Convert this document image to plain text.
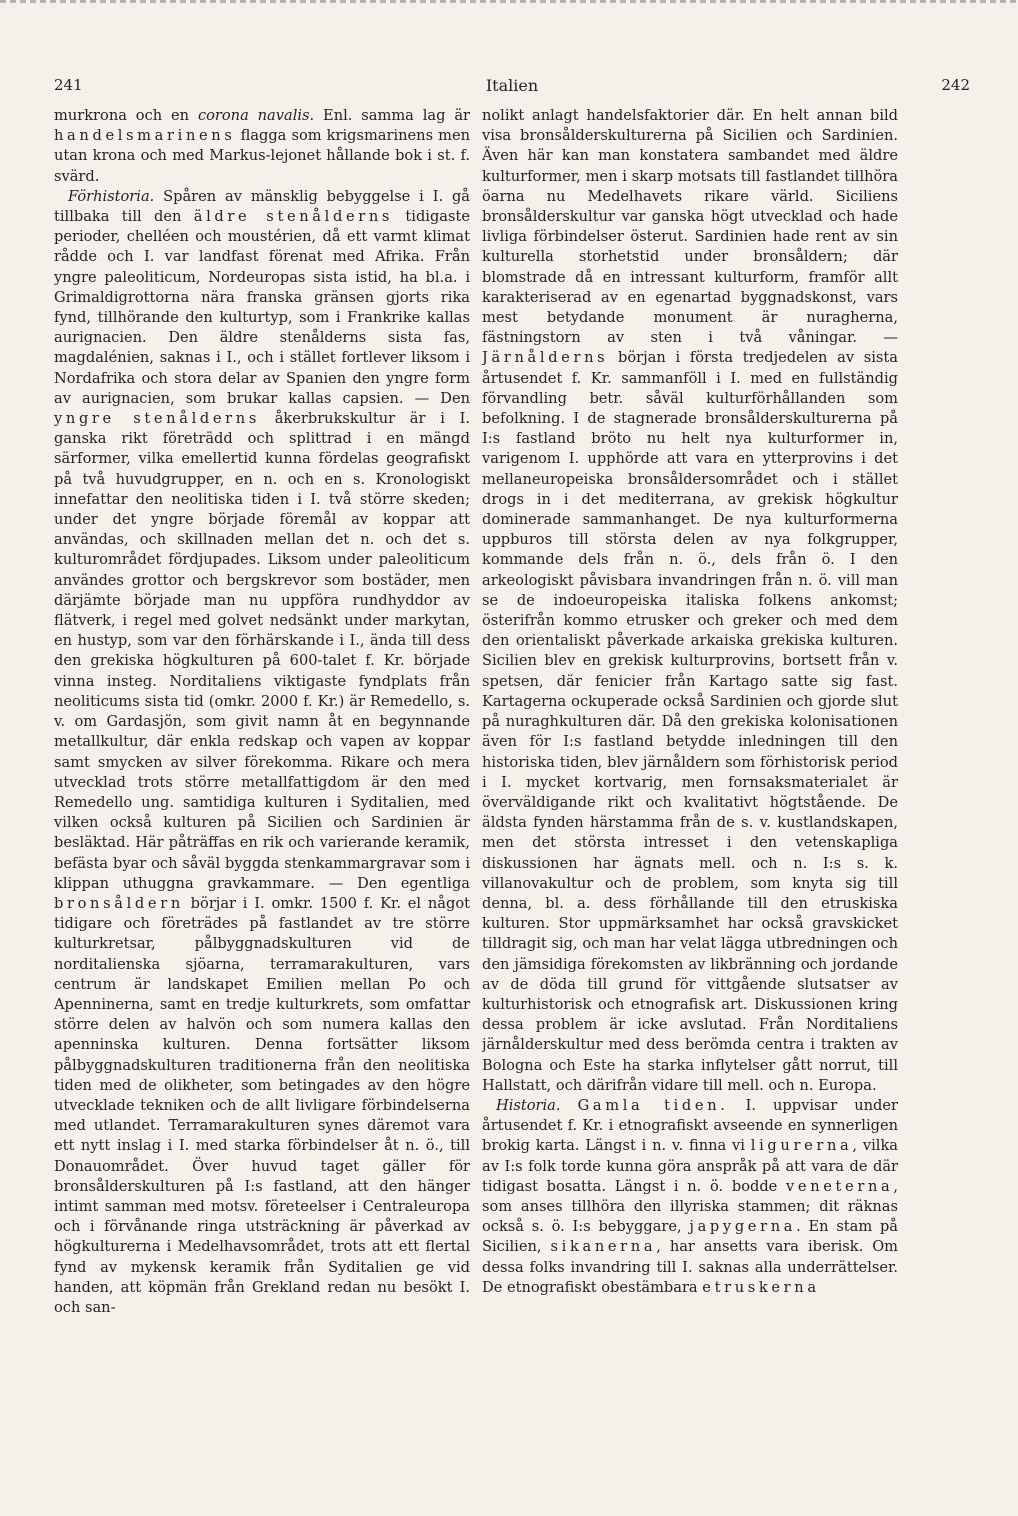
241	Italien	242

murkrona och en corona navalis. Enl. samma lag är handelsmarinens flagga som krigsmarinens men utan krona och med Markus-lejonet hållande bok i st. f. svärd.

Förhistoria. Spåren av mänsklig bebyggelse i I. gå tillbaka till den äldre stenålderns tidigaste perioder, chelléen och moustérien, då ett varmt klimat rådde och I. var landfast förenat med Afrika. Från yngre paleoliticum, Nordeuropas sista istid, ha bl.a. i Grimaldigrottorna nära franska gränsen gjorts rika fynd, tillhörande den kulturtyp, som i Frankrike kallas aurignacien. Den äldre stenålderns sista fas, magdalénien, saknas i I., och i stället fortlever liksom i Nordafrika och stora delar av Spanien den yngre form av aurignacien, som brukar kallas capsien. — Den yngre stenålderns åkerbrukskultur är i I. ganska rikt företrädd och splittrad i en mängd särformer, vilka emellertid kunna fördelas geografiskt på två huvudgrupper, en n. och en s. Kronologiskt innefattar den neolitiska tiden i I. två större skeden; under det yngre började föremål av koppar att användas, och skillnaden mellan det n. och det s. kulturområdet fördjupades. Liksom under paleoliticum användes grottor och bergskrevor som bostäder, men därjämte började man nu uppföra rundhyddor av flätverk, i regel med golvet nedsänkt under markytan, en hustyp, som var den förhärskande i I., ända till dess den grekiska högkulturen på 600-talet f. Kr. började vinna insteg. Norditaliens viktigaste fyndplats från neoliticums sista tid (omkr. 2000 f. Kr.) är Remedello, s. v. om Gardasjön, som givit namn åt en begynnande metallkultur, där enkla redskap och vapen av koppar samt smycken av silver förekomma. Rikare och mera utvecklad trots större metallfattigdom är den med Remedello ung. samtidiga kulturen i Syditalien, med vilken också kulturen på Sicilien och Sardinien är besläktad. Här påträffas en rik och varierande keramik, befästa byar och såväl byggda stenkammargravar som i klippan uthuggna gravkammare. — Den egentliga bronsåldern börjar i I. omkr. 1500 f. Kr. el något tidigare och företrädes på fastlandet av tre större kulturkretsar, pålbyggnadskulturen vid de norditalienska sjöarna, terramarakulturen, vars centrum är landskapet Emilien mellan Po och Apenninerna, samt en tredje kulturkrets, som omfattar större delen av halvön och som numera kallas den apenninska kulturen. Denna fortsätter liksom pålbyggnadskulturen traditionerna från den neolitiska tiden med de olikheter, som betingades av den högre utvecklade tekniken och de allt livligare förbindelserna med utlandet. Terramarakulturen synes däremot vara ett nytt inslag i I. med starka förbindelser åt n. ö., till Donauområdet. Över huvud taget gäller för bronsålderskulturen på I:s fastland, att den hänger intimt samman med motsv. företeelser i Centraleuropa och i förvånande ringa utsträckning är påverkad av högkulturerna i Medelhavsområdet, trots att ett flertal fynd av mykensk keramik från Syditalien ge vid handen, att köpmän från Grekland redan nu besökt I. och san-

nolikt anlagt handelsfaktorier där. En helt annan bild visa bronsålderskulturerna på Sicilien och Sardinien. Även här kan man konstatera sambandet med äldre kulturformer, men i skarp motsats till fastlandet tillhöra öarna nu Medelhavets rikare värld. Siciliens bronsålderskultur var ganska högt utvecklad och hade livliga förbindelser österut. Sardinien hade rent av sin kulturella storhetstid under bronsåldern; där blomstrade då en intressant kulturform, framför allt karakteriserad av en egenartad byggnadskonst, vars mest betydande monument är nuragherna, fästningstorn av sten i två våningar. — Järnålderns början i första tredjedelen av sista årtusendet f. Kr. sammanföll i I. med en fullständig förvandling betr. såväl kulturförhållanden som befolkning. I de stagnerade bronsålderskulturerna på I:s fastland bröto nu helt nya kulturformer in, varigenom I. upphörde att vara en ytterprovins i det mellaneuropeiska bronsåldersområdet och i stället drogs in i det mediterrana, av grekisk högkultur dominerade sammanhanget. De nya kulturformerna uppburos till största delen av nya folkgrupper, kommande dels från n. ö., dels från ö. I den arkeologiskt påvisbara invandringen från n. ö. vill man se de indoeuropeiska italiska folkens ankomst; österifrån kommo etrusker och greker och med dem den orientaliskt påverkade arkaiska grekiska kulturen. Sicilien blev en grekisk kulturprovins, bortsett från v. spetsen, där fenicier från Kartago satte sig fast. Kartagerna ockuperade också Sardinien och gjorde slut på nuraghkulturen där. Då den grekiska kolonisationen även för I:s fastland betydde inledningen till den historiska tiden, blev järnåldern som förhistorisk period i I. mycket kortvarig, men fornsaksmaterialet är överväldigande rikt och kvalitativt högtstående. De äldsta fynden härstamma från de s. v. kustlandskapen, men det största intresset i den vetenskapliga diskussionen har ägnats mell. och n. I:s s. k. villanovakultur och de problem, som knyta sig till denna, bl. a. dess förhållande till den etruskiska kulturen. Stor uppmärksamhet har också gravskicket tilldragit sig, och man har velat lägga utbredningen och den jämsidiga förekomsten av likbränning och jordande av de döda till grund för vittgående slutsatser av kulturhistorisk och etnografisk art. Diskussionen kring dessa problem är icke avslutad. Från Norditaliens järnålderskultur med dess berömda centra i trakten av Bologna och Este ha starka inflytelser gått norrut, till Hallstatt, och därifrån vidare till mell. och n. Europa.

Historia. Gamla tiden. I. uppvisar under årtusendet f. Kr. i etnografiskt avseende en synnerligen brokig karta. Längst i n. v. finna vi ligurerna, vilka av I:s folk torde kunna göra anspråk på att vara de där tidigast bosatta. Längst i n. ö. bodde veneterna, som anses tillhöra den illyriska stammen; dit räknas också s. ö. I:s bebyggare, japygerna. En stam på Sicilien, sikanerna, har ansetts vara iberisk. Om dessa folks invandring till I. saknas alla underrättelser. De etnografiskt obestämbara etruskerna
